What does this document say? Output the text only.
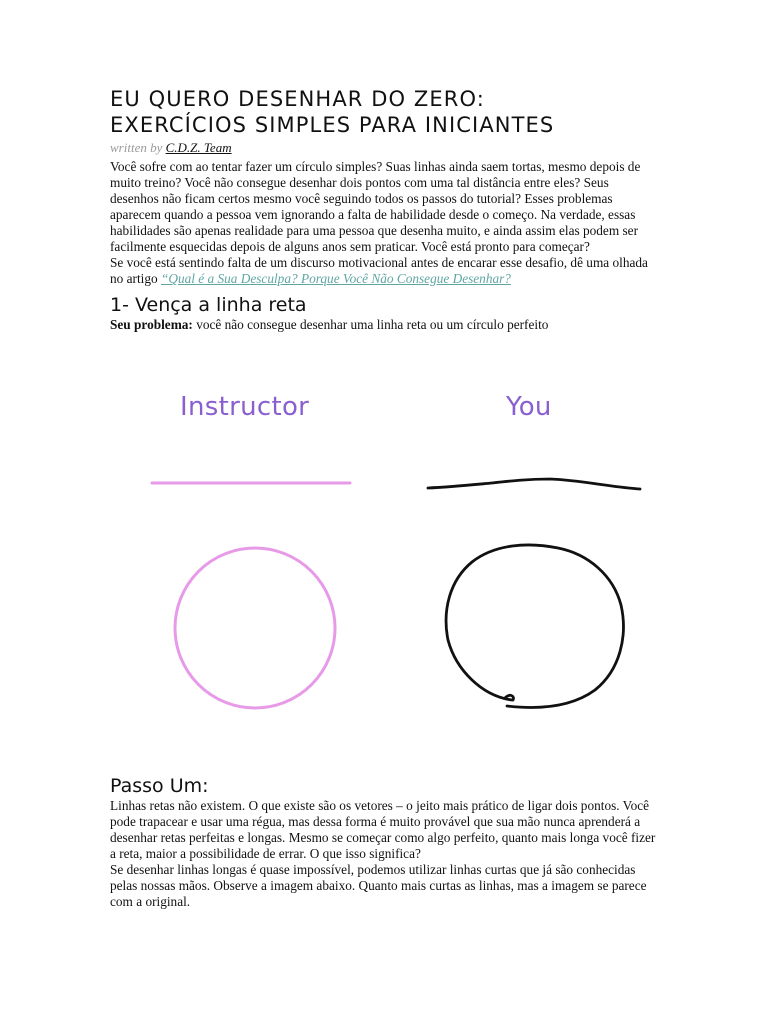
EU QUERO DESENHAR DO ZERO:
EXERCÍCIOS SIMPLES PARA INICIANTES
written by C.D.Z. Team

Você sofre com ao tentar fazer um círculo simples? Suas linhas ainda saem tortas, mesmo depois de muito treino? Você não consegue desenhar dois pontos com uma tal distância entre eles? Seus desenhos não ficam certos mesmo você seguindo todos os passos do tutorial? Esses problemas aparecem quando a pessoa vem ignorando a falta de habilidade desde o começo. Na verdade, essas habilidades são apenas realidade para uma pessoa que desenha muito, e ainda assim elas podem ser facilmente esquecidas depois de alguns anos sem praticar. Você está pronto para começar?

Se você está sentindo falta de um discurso motivacional antes de encarar esse desafio, dê uma olhada no artigo “Qual é a Sua Desculpa? Porque Você Não Consegue Desenhar?

1- Vença a linha reta

Seu problema: você não consegue desenhar uma linha reta ou um círculo perfeito

Instructor	You
Passo Um:

Linhas retas não existem. O que existe são os vetores – o jeito mais prático de ligar dois pontos. Você pode trapacear e usar uma régua, mas dessa forma é muito provável que sua mão nunca aprenderá a desenhar retas perfeitas e longas. Mesmo se começar como algo perfeito, quanto mais longa você fizer a reta, maior a possibilidade de errar. O que isso significa?

Se desenhar linhas longas é quase impossível, podemos utilizar linhas curtas que já são conhecidas pelas nossas mãos. Observe a imagem abaixo. Quanto mais curtas as linhas, mas a imagem se parece com a original.
